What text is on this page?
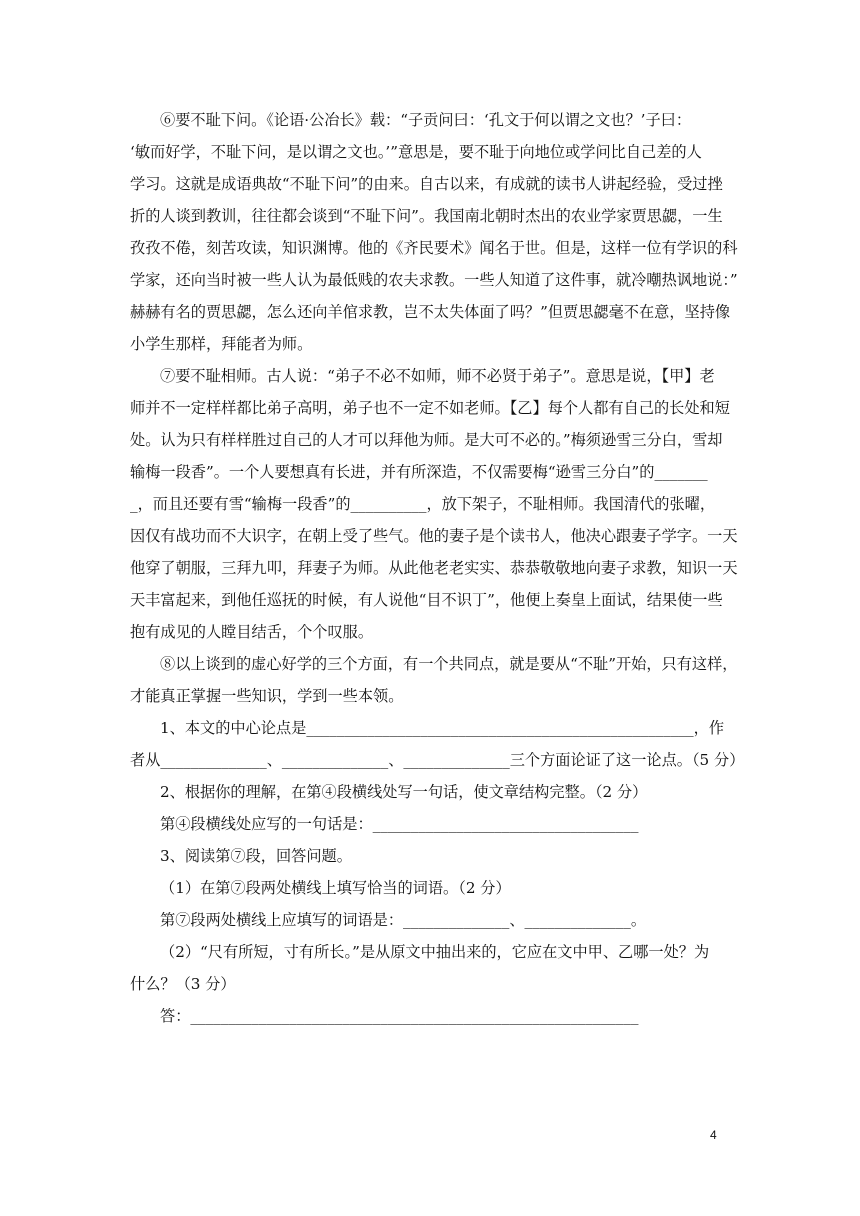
⑥要不耻下问。《论语·公冶长》载：“子贡问曰：‘孔文于何以谓之文也？’子曰：
‘敏而好学，不耻下问，是以谓之文也。’”意思是，要不耻于向地位或学问比自己差的人
学习。这就是成语典故“不耻下问”的由来。自古以来，有成就的读书人讲起经验，受过挫
折的人谈到教训，往往都会谈到“不耻下问”。我国南北朝时杰出的农业学家贾思勰，一生
孜孜不倦，刻苦攻读，知识渊博。他的《齐民要术》闻名于世。但是，这样一位有学识的科
学家，还向当时被一些人认为最低贱的农夫求教。一些人知道了这件事，就冷嘲热讽地说：”
赫赫有名的贾思勰，怎么还向羊倌求教，岂不太失体面了吗？”但贾思勰毫不在意，坚持像
小学生那样，拜能者为师。
⑦要不耻相师。古人说：“弟子不必不如师，师不必贤于弟子”。意思是说，【甲】老
师并不一定样样都比弟子高明，弟子也不一定不如老师。【乙】每个人都有自己的长处和短
处。认为只有样样胜过自己的人才可以拜他为师。是大可不必的。”梅须逊雪三分白，雪却
输梅一段香”。一个人要想真有长进，并有所深造，不仅需要梅“逊雪三分白”的_______
_，而且还要有雪“输梅一段香”的__________，放下架子，不耻相师。我国清代的张曜，
因仅有战功而不大识字，在朝上受了些气。他的妻子是个读书人，他决心跟妻子学字。一天
他穿了朝服，三拜九叩，拜妻子为师。从此他老老实实、恭恭敬敬地向妻子求教，知识一天
天丰富起来，到他任巡抚的时候，有人说他“目不识丁”，他便上奏皇上面试，结果使一些
抱有成见的人瞠目结舌，个个叹服。
⑧以上谈到的虚心好学的三个方面，有一个共同点，就是要从“不耻”开始，只有这样，
才能真正掌握一些知识，学到一些本领。
1、本文的中心论点是___________________________________________________，作
者从______________、______________、______________三个方面论证了这一论点。（5 分）
2、根据你的理解，在第④段横线处写一句话，使文章结构完整。（2 分）
第④段横线处应写的一句话是：___________________________________
3、阅读第⑦段，回答问题。
（1）在第⑦段两处横线上填写恰当的词语。（2 分）
第⑦段两处横线上应填写的词语是：______________、______________。
（2）“尺有所短，寸有所长。”是从原文中抽出来的，它应在文中甲、乙哪一处？为
什么？（3 分）
答：___________________________________________________________
4
